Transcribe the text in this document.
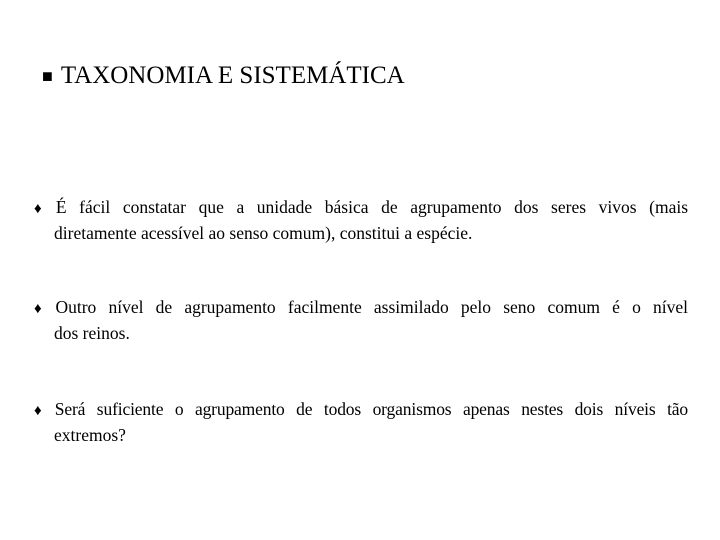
■ TAXONOMIA E SISTEMÁTICA
♦ É fácil constatar que a unidade básica de agrupamento dos seres vivos (mais
diretamente acessível ao senso comum), constitui a espécie.
♦ Outro nível de agrupamento facilmente assimilado pelo seno comum é o nível
dos reinos.
♦ Será suficiente o agrupamento de todos organismos apenas nestes dois níveis tão
extremos?
